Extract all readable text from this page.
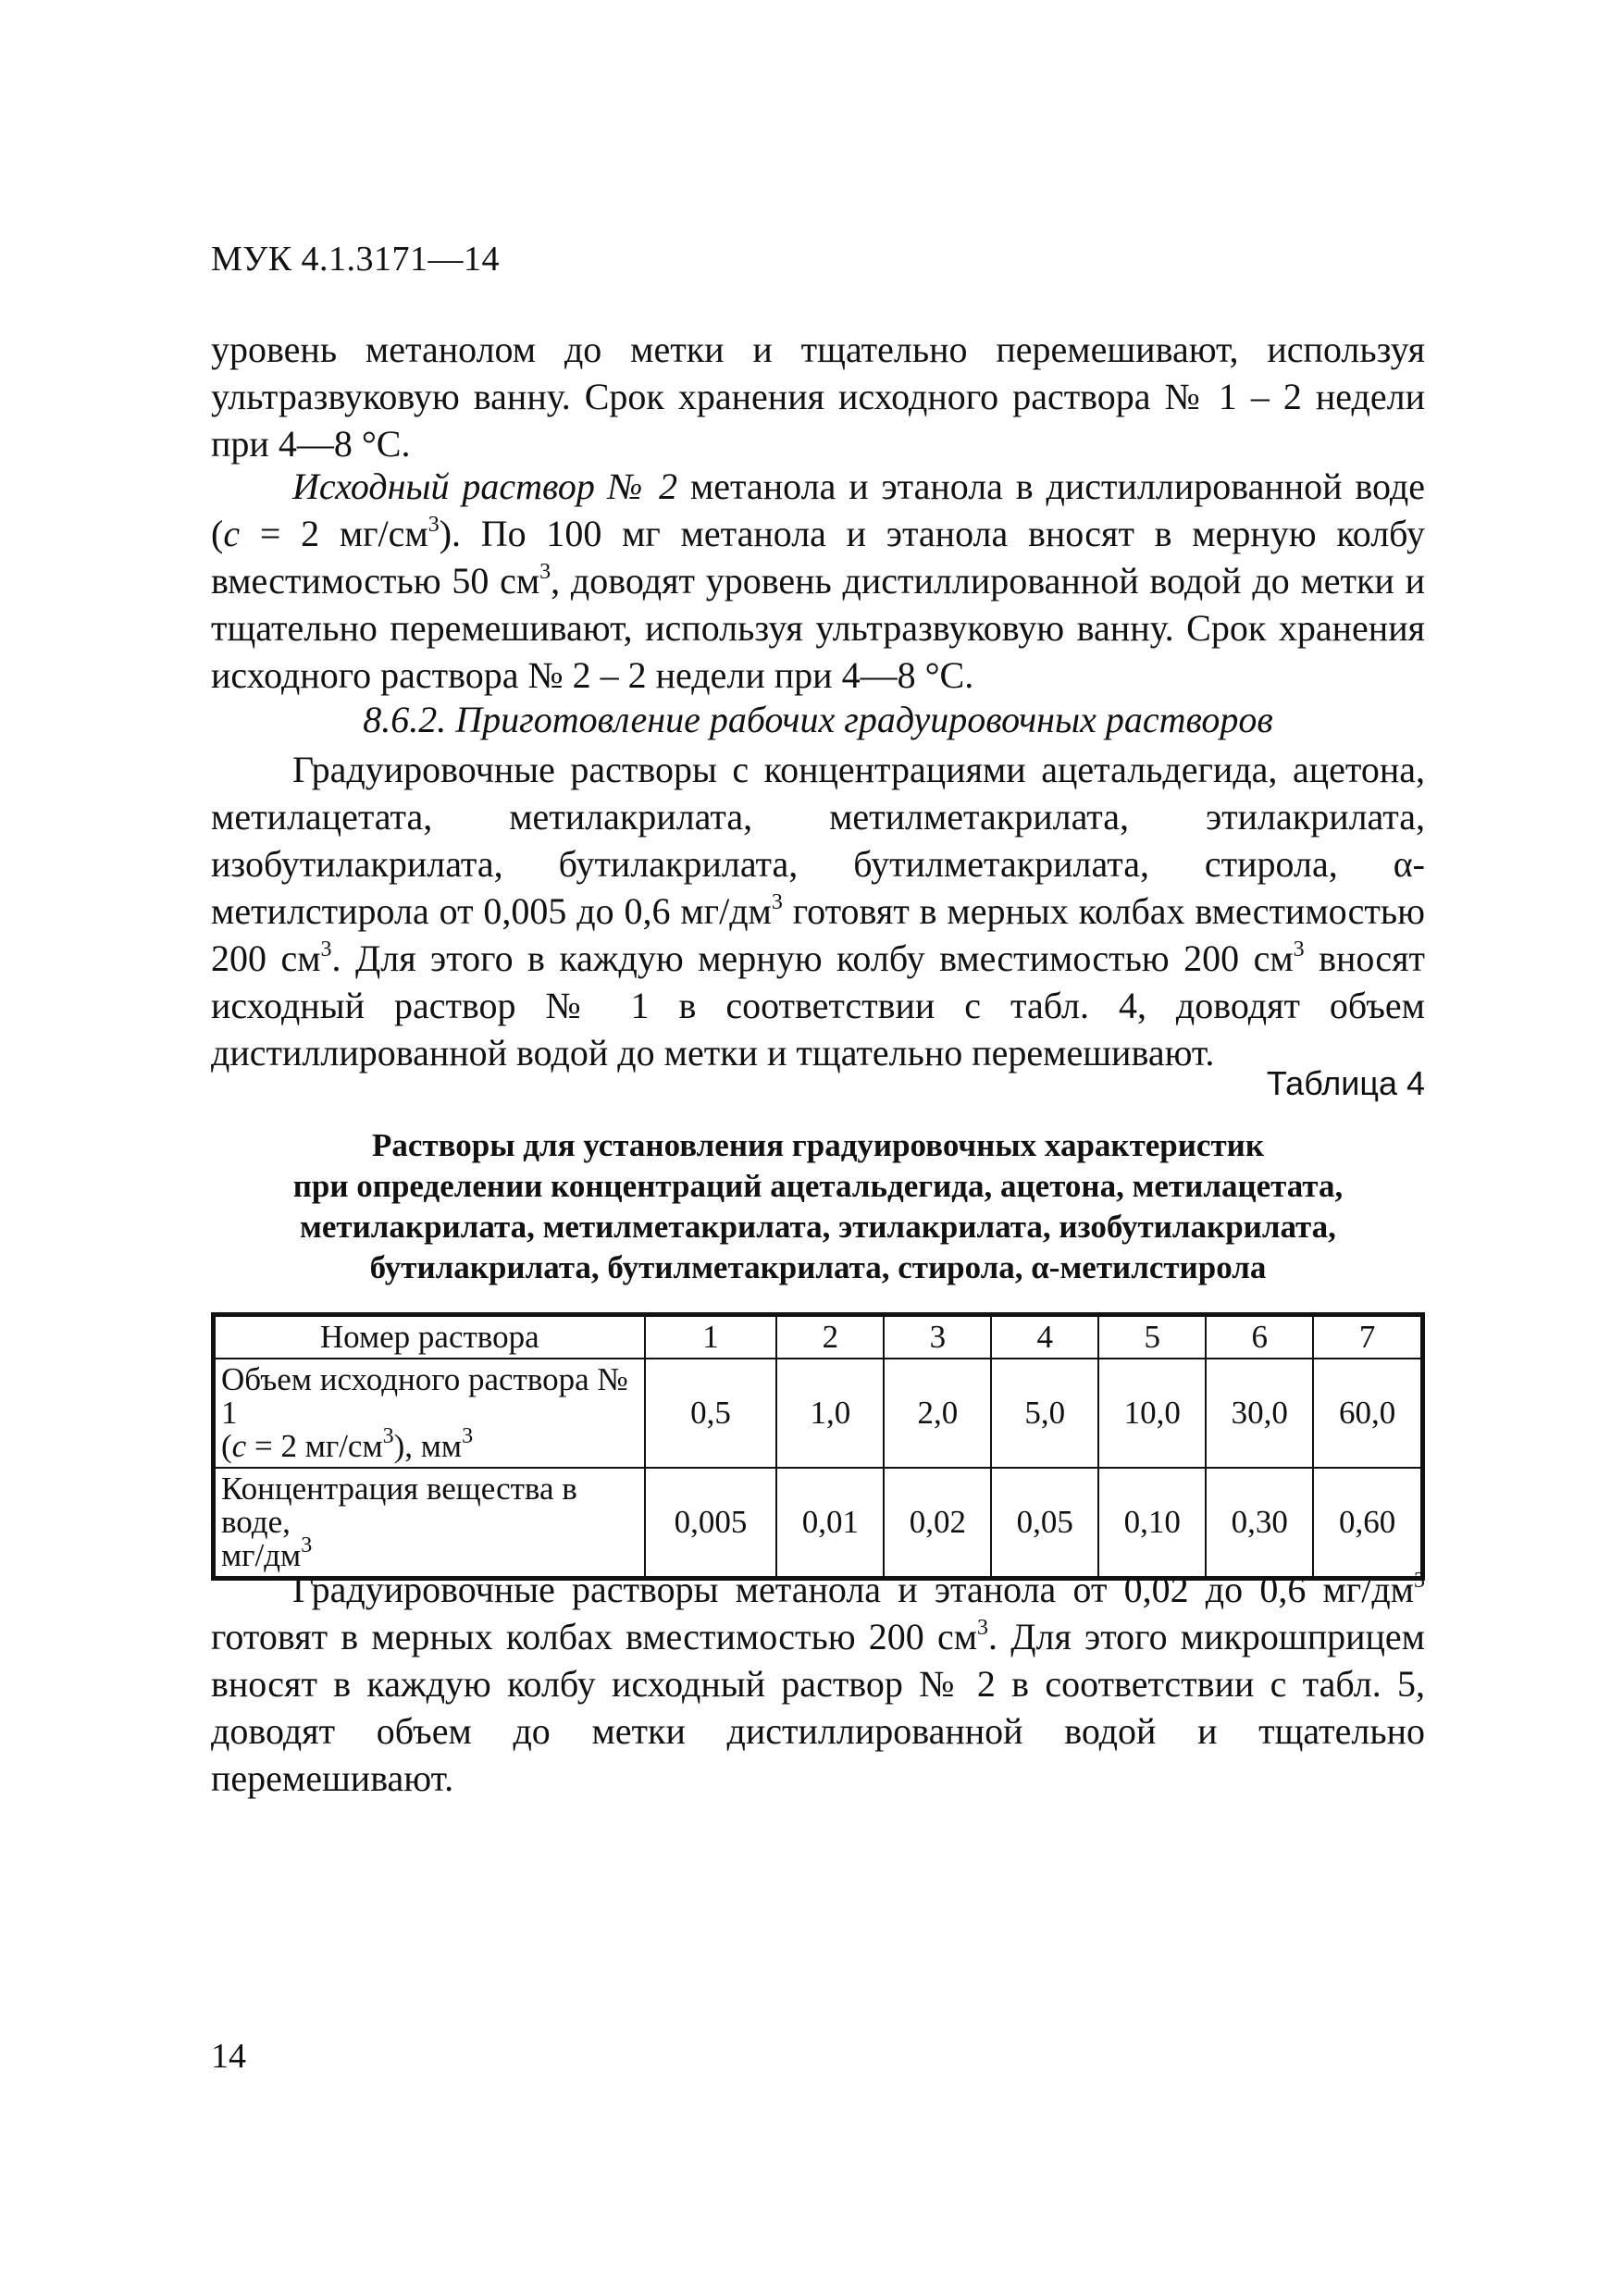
МУК 4.1.3171—14

уровень метанолом до метки и тщательно перемешивают, используя ультразвуковую ванну. Срок хранения исходного раствора № 1 – 2 недели при 4—8 °C.

Исходный раствор № 2 метанола и этанола в дистиллированной воде (c = 2 $мг/см^3$). По 100 мг метанола и этанола вносят в мерную колбу вместимостью 50 $см^3$, доводят уровень дистиллированной водой до метки и тщательно перемешивают, используя ультразвуковую ванну. Срок хранения исходного раствора № 2 – 2 недели при 4—8 °C.

8.6.2. Приготовление рабочих градуировочных растворов

Градуировочные растворы с концентрациями ацетальдегида, ацетона, метилацетата, метилакрилата, метилметакрилата, этилакрилата, изобутилакрилата, бутилакрилата, бутилметакрилата, стирола, α-метилстирола от 0,005 до 0,6 $мг/дм^3$ готовят в мерных колбах вместимостью 200 $см^3$. Для этого в каждую мерную колбу вместимостью 200 $см^3$ вносят исходный раствор № 1 в соответствии с табл. 4, доводят объем дистиллированной водой до метки и тщательно перемешивают.

Таблица 4
Растворы для установления градуировочных характеристик
при определении концентраций ацетальдегида, ацетона, метилацетата,
метилакрилата, метилметакрилата, этилакрилата, изобутилакрилата,
бутилакрилата, бутилметакрилата, стирола, α-метилстирола
Номер раствора	1	2	3	4	5	6	7

Объем исходного раствора № 1
(c = 2 $мг/см^3$), $мм^3$	0,5	1,0	2,0	5,0	10,0	30,0	60,0

Концентрация вещества в воде,
$мг/дм^3$	0,005	0,01	0,02	0,05	0,10	0,30	0,60

Градуировочные растворы метанола и этанола от 0,02 до 0,6 $мг/дм^3$ готовят в мерных колбах вместимостью 200 $см^3$. Для этого микрошприцем вносят в каждую колбу исходный раствор № 2 в соответствии с табл. 5, доводят объем до метки дистиллированной водой и тщательно перемешивают.

14
